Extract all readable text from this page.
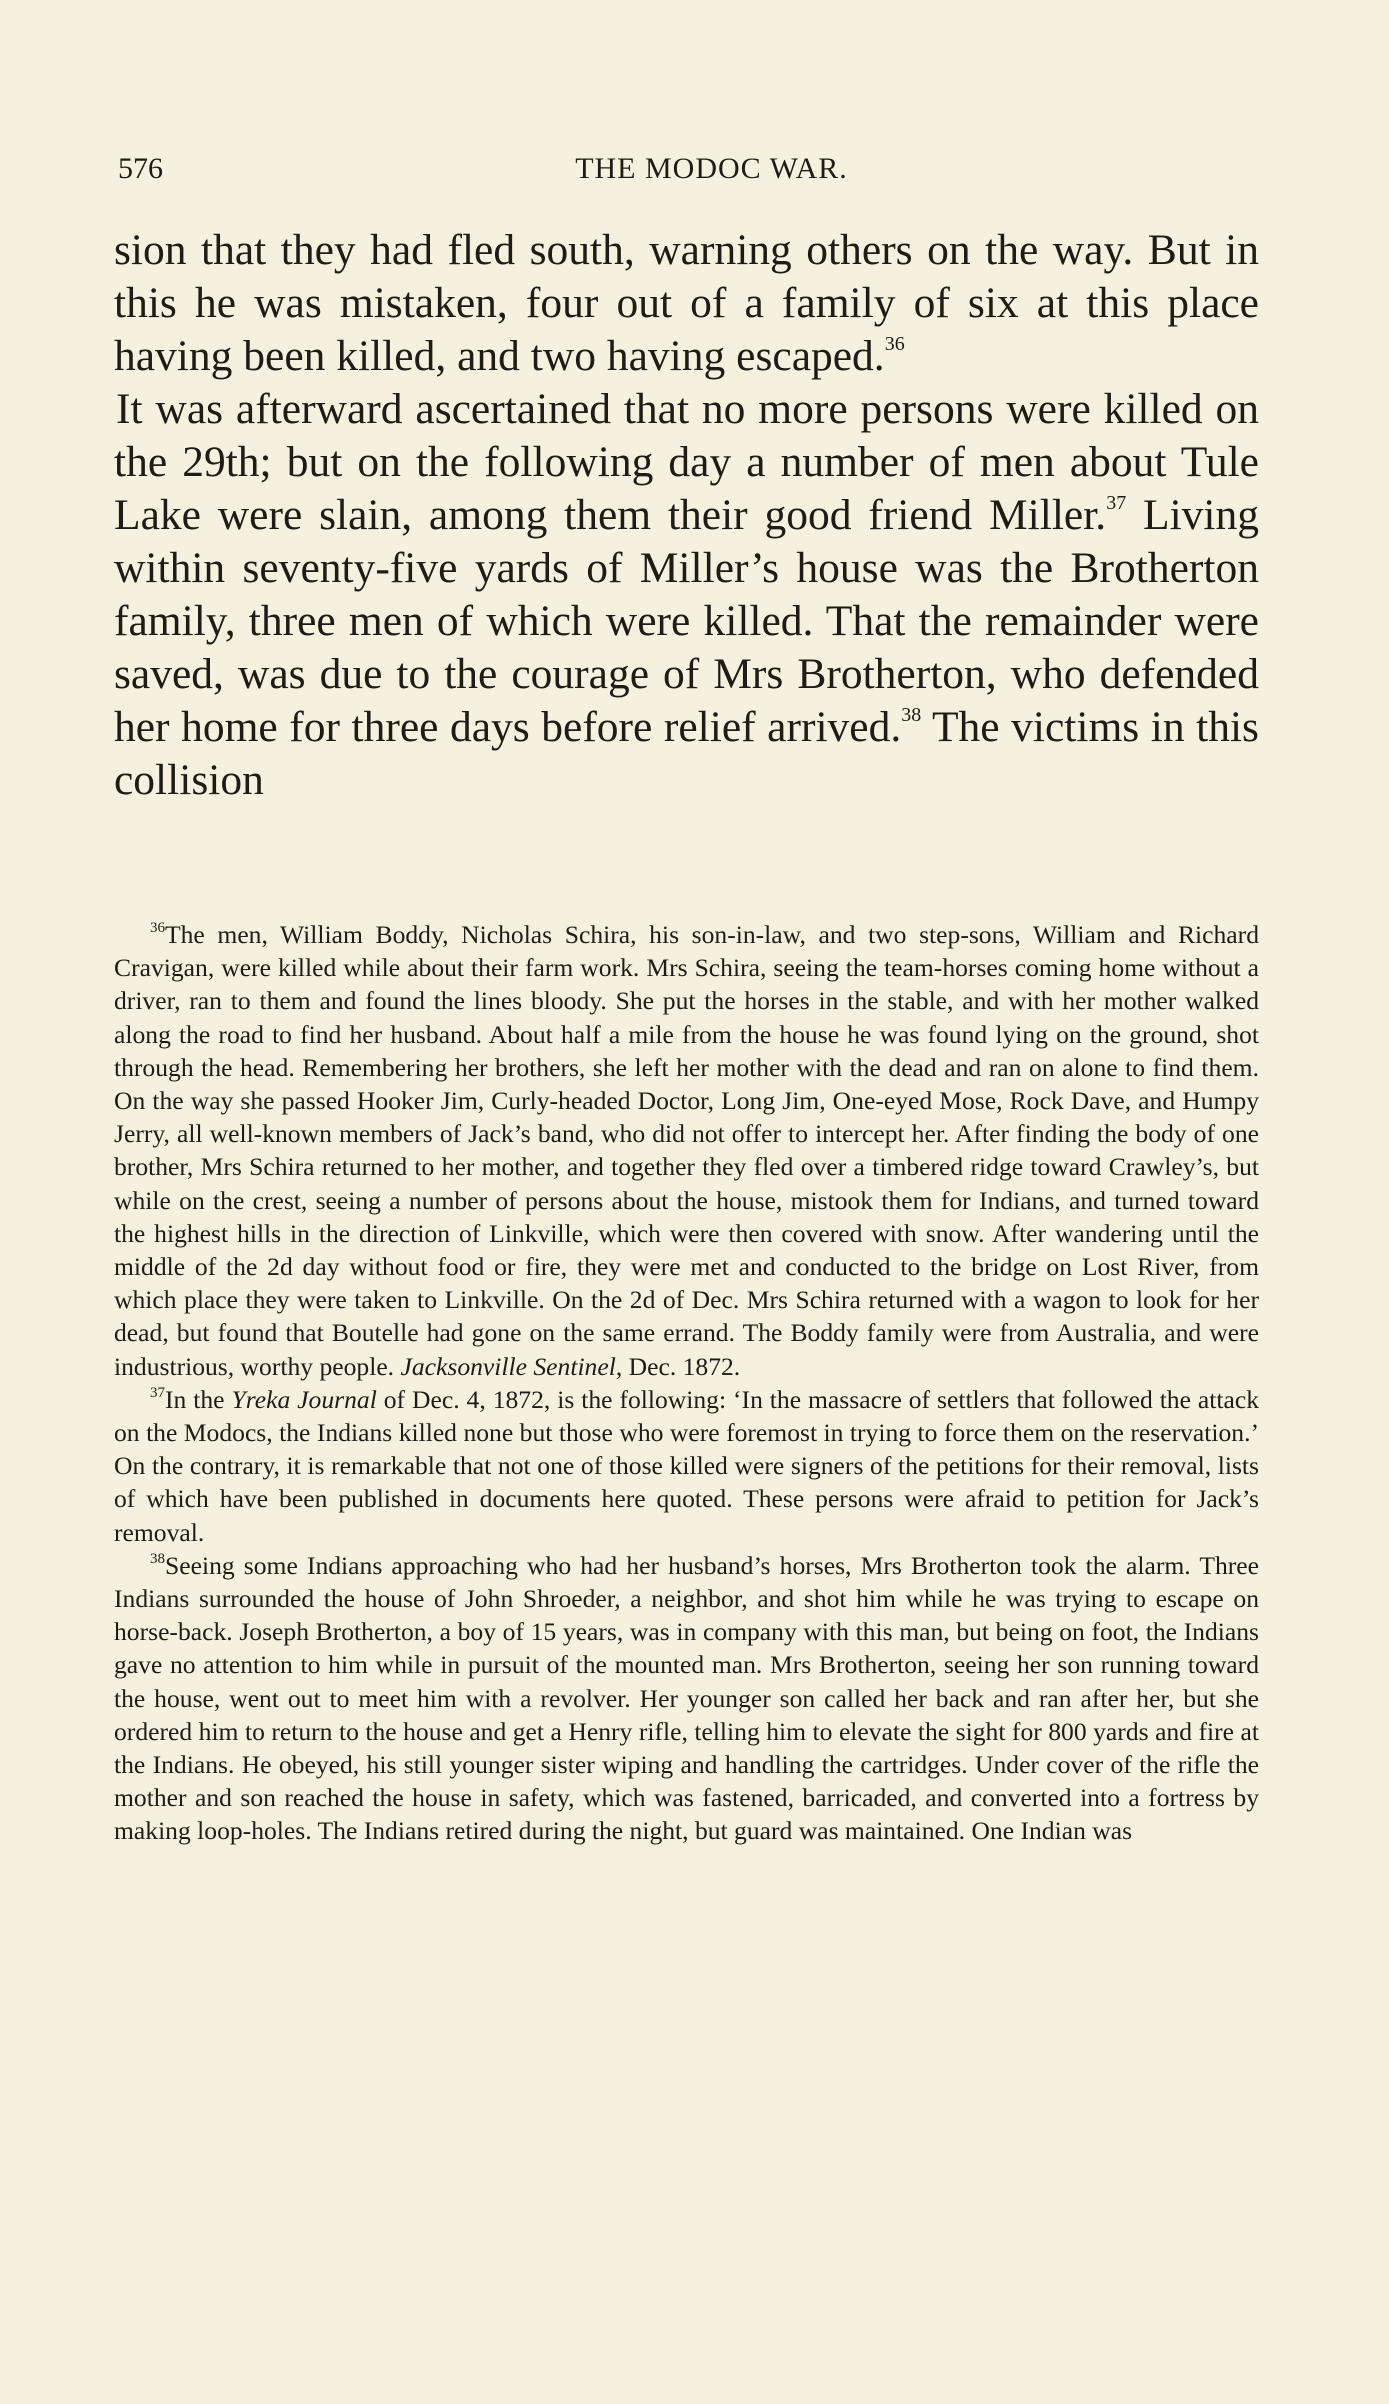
576	THE MODOC WAR.

sion that they had fled south, warning others on the way. But in this he was mistaken, four out of a family of six at this place having been killed, and two having escaped.$^{36}$

It was afterward ascertained that no more persons were killed on the 29th; but on the following day a number of men about Tule Lake were slain, among them their good friend Miller.$^{37}$ Living within seventy-five yards of Miller’s house was the Brotherton family, three men of which were killed. That the remainder were saved, was due to the courage of Mrs Brotherton, who defended her home for three days before relief arrived.$^{38}$ The victims in this collision

$^{36}$The men, William Boddy, Nicholas Schira, his son-in-law, and two step-sons, William and Richard Cravigan, were killed while about their farm work. Mrs Schira, seeing the team-horses coming home without a driver, ran to them and found the lines bloody. She put the horses in the stable, and with her mother walked along the road to find her husband. About half a mile from the house he was found lying on the ground, shot through the head. Remembering her brothers, she left her mother with the dead and ran on alone to find them. On the way she passed Hooker Jim, Curly-headed Doctor, Long Jim, One-eyed Mose, Rock Dave, and Humpy Jerry, all well-known members of Jack’s band, who did not offer to intercept her. After finding the body of one brother, Mrs Schira returned to her mother, and together they fled over a timbered ridge toward Crawley’s, but while on the crest, seeing a number of persons about the house, mistook them for Indians, and turned toward the highest hills in the direction of Linkville, which were then covered with snow. After wandering until the middle of the 2d day without food or fire, they were met and conducted to the bridge on Lost River, from which place they were taken to Linkville. On the 2d of Dec. Mrs Schira returned with a wagon to look for her dead, but found that Boutelle had gone on the same errand. The Boddy family were from Australia, and were industrious, worthy people. Jacksonville Sentinel, Dec. 1872.

$^{37}$In the Yreka Journal of Dec. 4, 1872, is the following: ‘In the massacre of settlers that followed the attack on the Modocs, the Indians killed none but those who were foremost in trying to force them on the reservation.’ On the contrary, it is remarkable that not one of those killed were signers of the petitions for their removal, lists of which have been published in documents here quoted. These persons were afraid to petition for Jack’s removal.

$^{38}$Seeing some Indians approaching who had her husband’s horses, Mrs Brotherton took the alarm. Three Indians surrounded the house of John Shroeder, a neighbor, and shot him while he was trying to escape on horse-back. Joseph Brotherton, a boy of 15 years, was in company with this man, but being on foot, the Indians gave no attention to him while in pursuit of the mounted man. Mrs Brotherton, seeing her son running toward the house, went out to meet him with a revolver. Her younger son called her back and ran after her, but she ordered him to return to the house and get a Henry rifle, telling him to elevate the sight for 800 yards and fire at the Indians. He obeyed, his still younger sister wiping and handling the cartridges. Under cover of the rifle the mother and son reached the house in safety, which was fastened, barricaded, and converted into a fortress by making loop-holes. The Indians retired during the night, but guard was maintained. One Indian was
